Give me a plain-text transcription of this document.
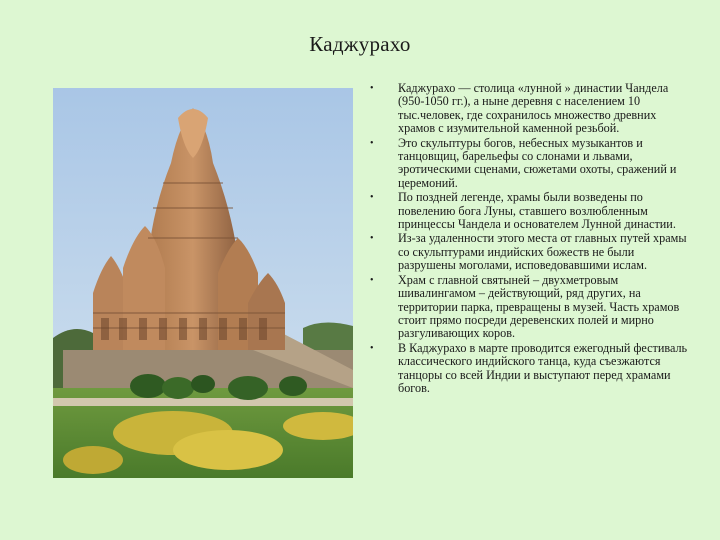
Каджурахо
• Каджурахо — столица «лунной » династии Чандела (950-1050 гг.), а ныне деревня с населением 10 тыс.человек, где сохранилось множество древних храмов с изумительной каменной резьбой.
• Это скульптуры богов, небесных музыкантов и танцовщиц, барельефы со слонами и львами, эротическими сценами, сюжетами охоты, сражений и церемоний.
• По поздней легенде, храмы были возведены по повелению бога Луны, ставшего возлюбленным принцессы Чандела и основателем Лунной династии.
• Из-за удаленности этого места от главных путей храмы со скульптурами индийских божеств не были разрушены моголами, исповедовавшими ислам.
• Храм с главной святыней – двухметровым шивалингамом – действующий, ряд других, на территории парка, превращены в музей. Часть храмов стоит прямо посреди деревенских полей и мирно разгуливающих коров.
• В Каджурахо в марте проводится ежегодный фестиваль классического индийского танца, куда съезжаются танцоры со всей Индии и выступают перед храмами богов.
